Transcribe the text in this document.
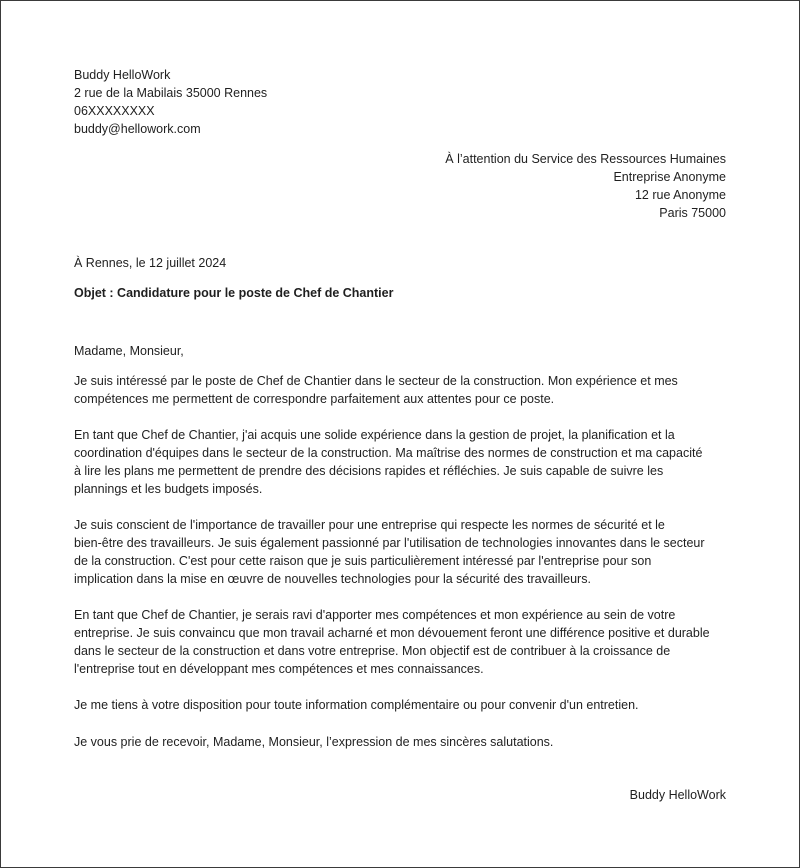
Buddy HelloWork
2 rue de la Mabilais 35000 Rennes
06XXXXXXXX
buddy@hellowork.com
À l’attention du Service des Ressources Humaines
Entreprise Anonyme
12 rue Anonyme
Paris 75000
À Rennes, le 12 juillet 2024
Objet : Candidature pour le poste de Chef de Chantier
Madame, Monsieur,
Je suis intéressé par le poste de Chef de Chantier dans le secteur de la construction. Mon expérience et mes
compétences me permettent de correspondre parfaitement aux attentes pour ce poste.
En tant que Chef de Chantier, j'ai acquis une solide expérience dans la gestion de projet, la planification et la
coordination d'équipes dans le secteur de la construction. Ma maîtrise des normes de construction et ma capacité
à lire les plans me permettent de prendre des décisions rapides et réfléchies. Je suis capable de suivre les
plannings et les budgets imposés.
Je suis conscient de l'importance de travailler pour une entreprise qui respecte les normes de sécurité et le
bien-être des travailleurs. Je suis également passionné par l'utilisation de technologies innovantes dans le secteur
de la construction. C'est pour cette raison que je suis particulièrement intéressé par l'entreprise pour son
implication dans la mise en œuvre de nouvelles technologies pour la sécurité des travailleurs.
En tant que Chef de Chantier, je serais ravi d'apporter mes compétences et mon expérience au sein de votre
entreprise. Je suis convaincu que mon travail acharné et mon dévouement feront une différence positive et durable
dans le secteur de la construction et dans votre entreprise. Mon objectif est de contribuer à la croissance de
l'entreprise tout en développant mes compétences et mes connaissances.
Je me tiens à votre disposition pour toute information complémentaire ou pour convenir d'un entretien.
Je vous prie de recevoir, Madame, Monsieur, l’expression de mes sincères salutations.
Buddy HelloWork
